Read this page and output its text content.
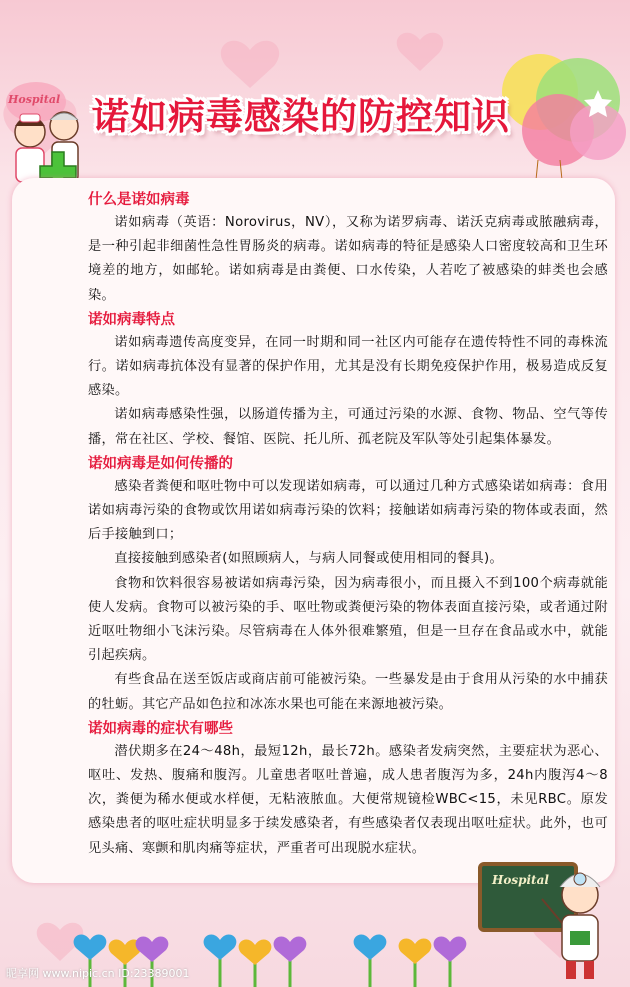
Hospital 诺如病毒感染的防控知识
什么是诺如病毒

诺如病毒（英语：Norovirus，NV），又称为诺罗病毒、诺沃克病毒或脓融病毒，是一种引起非细菌性急性胃肠炎的病毒。诺如病毒的特征是感染人口密度较高和卫生环境差的地方，如邮轮。诺如病毒是由粪便、口水传染，人若吃了被感染的蚌类也会感染。

诺如病毒特点

诺如病毒遗传高度变异，在同一时期和同一社区内可能存在遗传特性不同的毒株流行。诺如病毒抗体没有显著的保护作用，尤其是没有长期免疫保护作用，极易造成反复感染。

诺如病毒感染性强，以肠道传播为主，可通过污染的水源、食物、物品、空气等传播，常在社区、学校、餐馆、医院、托儿所、孤老院及军队等处引起集体暴发。

诺如病毒是如何传播的

感染者粪便和呕吐物中可以发现诺如病毒，可以通过几种方式感染诺如病毒：食用诺如病毒污染的食物或饮用诺如病毒污染的饮料；接触诺如病毒污染的物体或表面，然后手接触到口；

直接接触到感染者(如照顾病人，与病人同餐或使用相同的餐具)。

食物和饮料很容易被诺如病毒污染，因为病毒很小，而且摄入不到100个病毒就能使人发病。食物可以被污染的手、呕吐物或粪便污染的物体表面直接污染，或者通过附近呕吐物细小飞沫污染。尽管病毒在人体外很难繁殖，但是一旦存在食品或水中，就能引起疾病。

有些食品在送至饭店或商店前可能被污染。一些暴发是由于食用从污染的水中捕获的牡蛎。其它产品如色拉和冰冻水果也可能在来源地被污染。

诺如病毒的症状有哪些

潜伏期多在24～48h，最短12h，最长72h。感染者发病突然，主要症状为恶心、呕吐、发热、腹痛和腹泻。儿童患者呕吐普遍，成人患者腹泻为多，24h内腹泻4～8次，粪便为稀水便或水样便，无粘液脓血。大便常规镜检WBC<15，未见RBC。原发感染患者的呕吐症状明显多于续发感染者，有些感染者仅表现出呕吐症状。此外，也可见头痛、寒颤和肌肉痛等症状，严重者可出现脱水症状。

Hospital
昵享网 www.nipic.cn ID:23389001
